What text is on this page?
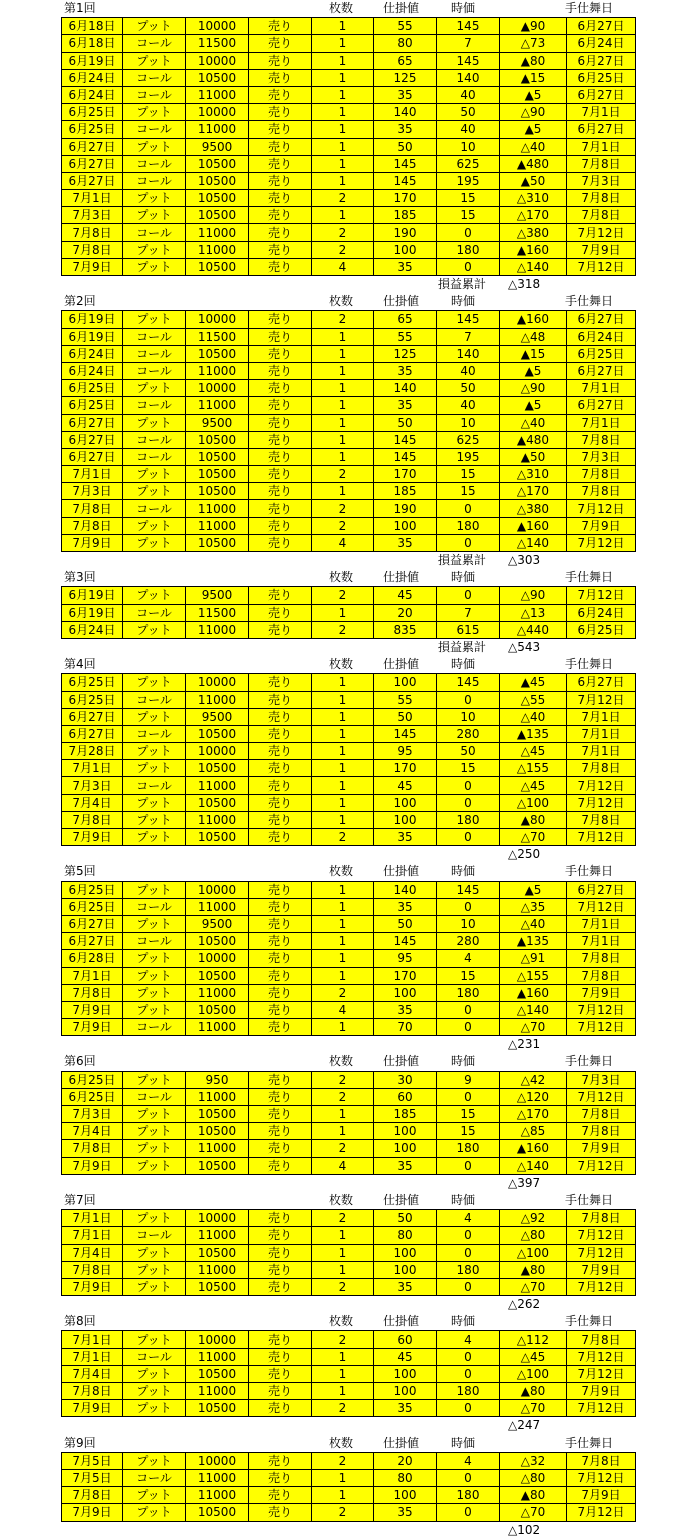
第1回	枚数 仕掛値	時価	手仕舞日
6月18日	プット	10000	売り	1	55	145	▲90	6月27日
6月18日	コール	11500	売り	1	80	7	△73	6月24日
6月19日	プット	10000	売り	1	65	145	▲80	6月27日
6月24日	コール	10500	売り	1	125	140	▲15	6月25日
6月24日	コール	11000	売り	1	35	40	▲5	6月27日
6月25日	プット	10000	売り	1	140	50	△90	7月1日
6月25日	コール	11000	売り	1	35	40	▲5	6月27日
6月27日	プット	9500	売り	1	50	10	△40	7月1日
6月27日	コール	10500	売り	1	145	625	▲480	7月8日
6月27日	コール	10500	売り	1	145	195	▲50	7月3日
7月1日	プット	10500	売り	2	170	15	△310	7月8日
7月3日	プット	10500	売り	1	185	15	△170	7月8日
7月8日	コール	11000	売り	2	190	0	△380	7月12日
7月8日	プット	11000	売り	2	100	180	▲160	7月9日
7月9日	プット	10500	売り	4	35	0	△140	7月12日
損益累計 △318
第2回	枚数 仕掛値	時価	手仕舞日
6月19日	プット	10000	売り	2	65	145	▲160	6月27日
6月19日	コール	11500	売り	1	55	7	△48	6月24日
6月24日	コール	10500	売り	1	125	140	▲15	6月25日
6月24日	コール	11000	売り	1	35	40	▲5	6月27日
6月25日	プット	10000	売り	1	140	50	△90	7月1日
6月25日	コール	11000	売り	1	35	40	▲5	6月27日
6月27日	プット	9500	売り	1	50	10	△40	7月1日
6月27日	コール	10500	売り	1	145	625	▲480	7月8日
6月27日	コール	10500	売り	1	145	195	▲50	7月3日
7月1日	プット	10500	売り	2	170	15	△310	7月8日
7月3日	プット	10500	売り	1	185	15	△170	7月8日
7月8日	コール	11000	売り	2	190	0	△380	7月12日
7月8日	プット	11000	売り	2	100	180	▲160	7月9日
7月9日	プット	10500	売り	4	35	0	△140	7月12日
損益累計 △303
第3回	枚数 仕掛値	時価	手仕舞日
6月19日	プット	9500	売り	2	45	0	△90	7月12日
6月19日	コール	11500	売り	1	20	7	△13	6月24日
6月24日	プット	11000	売り	2	835	615	△440	6月25日
損益累計 △543
第4回	枚数 仕掛値	時価	手仕舞日
6月25日	プット	10000	売り	1	100	145	▲45	6月27日
6月25日	コール	11000	売り	1	55	0	△55	7月12日
6月27日	プット	9500	売り	1	50	10	△40	7月1日
6月27日	コール	10500	売り	1	145	280	▲135	7月1日
7月28日	プット	10000	売り	1	95	50	△45	7月1日
7月1日	プット	10500	売り	1	170	15	△155	7月8日
7月3日	コール	11000	売り	1	45	0	△45	7月12日
7月4日	プット	10500	売り	1	100	0	△100	7月12日
7月8日	プット	11000	売り	1	100	180	▲80	7月8日
7月9日	プット	10500	売り	2	35	0	△70	7月12日
△250
第5回	枚数 仕掛値	時価	手仕舞日
6月25日	プット	10000	売り	1	140	145	▲5	6月27日
6月25日	コール	11000	売り	1	35	0	△35	7月12日
6月27日	プット	9500	売り	1	50	10	△40	7月1日
6月27日	コール	10500	売り	1	145	280	▲135	7月1日
6月28日	プット	10000	売り	1	95	4	△91	7月8日
7月1日	プット	10500	売り	1	170	15	△155	7月8日
7月8日	プット	11000	売り	2	100	180	▲160	7月9日
7月9日	プット	10500	売り	4	35	0	△140	7月12日
7月9日	コール	11000	売り	1	70	0	△70	7月12日
△231
第6回	枚数 仕掛値	時価	手仕舞日
6月25日	プット	950	売り	2	30	9	△42	7月3日
6月25日	コール	11000	売り	2	60	0	△120	7月12日
7月3日	プット	10500	売り	1	185	15	△170	7月8日
7月4日	プット	10500	売り	1	100	15	△85	7月8日
7月8日	プット	11000	売り	2	100	180	▲160	7月9日
7月9日	プット	10500	売り	4	35	0	△140	7月12日
△397
第7回	枚数 仕掛値	時価	手仕舞日
7月1日	プット	10000	売り	2	50	4	△92	7月8日
7月1日	コール	11000	売り	1	80	0	△80	7月12日
7月4日	プット	10500	売り	1	100	0	△100	7月12日
7月8日	プット	11000	売り	1	100	180	▲80	7月9日
7月9日	プット	10500	売り	2	35	0	△70	7月12日
△262
第8回	枚数 仕掛値	時価	手仕舞日
7月1日	プット	10000	売り	2	60	4	△112	7月8日
7月1日	コール	11000	売り	1	45	0	△45	7月12日
7月4日	プット	10500	売り	1	100	0	△100	7月12日
7月8日	プット	11000	売り	1	100	180	▲80	7月9日
7月9日	プット	10500	売り	2	35	0	△70	7月12日
△247
第9回	枚数 仕掛値	時価	手仕舞日
7月5日	プット	10000	売り	2	20	4	△32	7月8日
7月5日	コール	11000	売り	1	80	0	△80	7月12日
7月8日	プット	11000	売り	1	100	180	▲80	7月9日
7月9日	プット	10500	売り	2	35	0	△70	7月12日
△102
